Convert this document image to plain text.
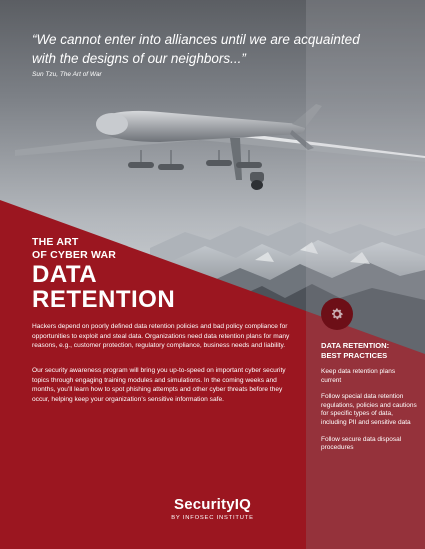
“We cannot enter into alliances until we are acquainted with the designs of our neighbors...”
Sun Tzu, The Art of War
THE ART
OF CYBER WAR
DATA
RETENTION
Hackers depend on poorly defined data retention policies and bad policy compliance for opportunities to exploit and steal data. Organizations need data retention plans for many reasons, e.g., customer protection, regulatory compliance, business needs and liability.
Our security awareness program will bring you up-to-speed on important cyber security topics through engaging training modules and simulations. In the coming weeks and months, you’ll learn how to spot phishing attempts and other cyber threats before they occur, helping keep your organization’s sensitive information safe.
DATA RETENTION:
BEST PRACTICES
Keep data retention plans current
Follow special data retention regulations, policies and cautions for specific types of data, including PII and sensitive data
Follow secure data disposal procedures
SecurityIQ
BY INFOSEC INSTITUTE
